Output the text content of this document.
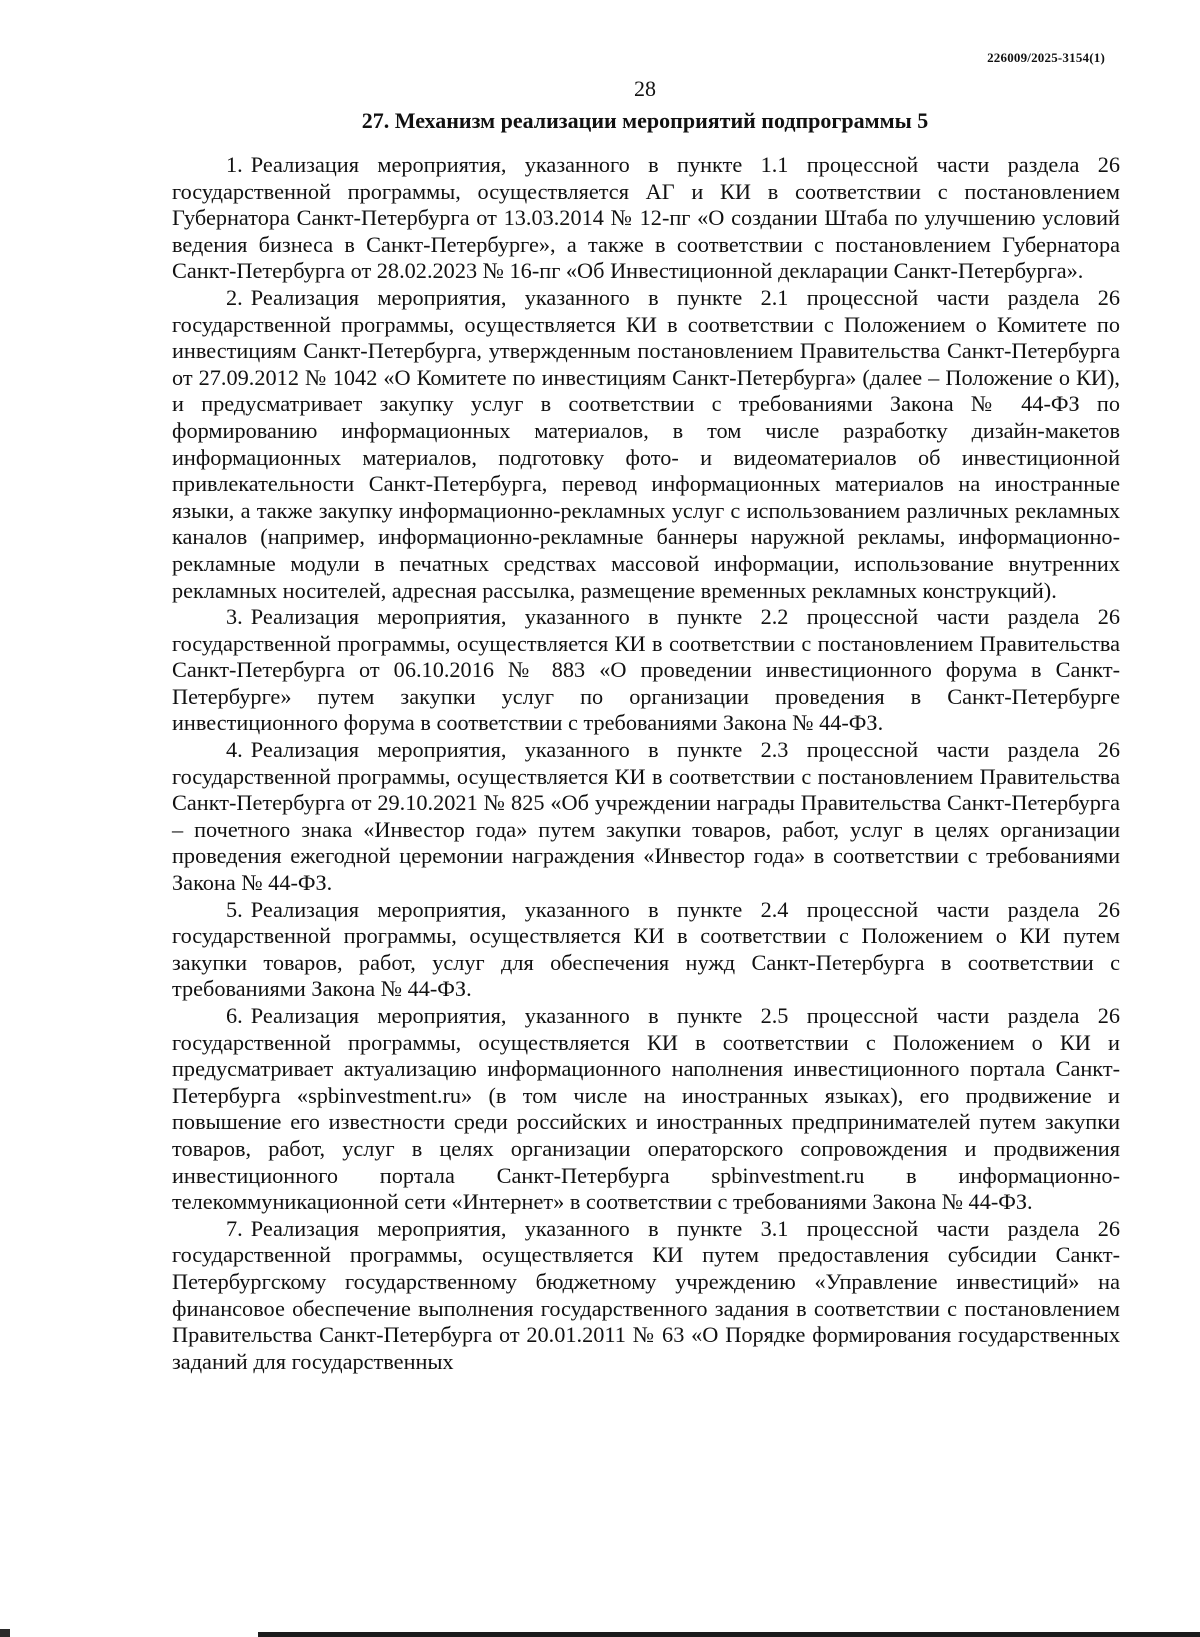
226009/2025-3154(1)
28
27. Механизм реализации мероприятий подпрограммы 5

1. Реализация мероприятия, указанного в пункте 1.1 процессной части раздела 26 государственной программы, осуществляется АГ и КИ в соответствии с постановлением Губернатора Санкт-Петербурга от 13.03.2014 № 12-пг «О создании Штаба по улучшению условий ведения бизнеса в Санкт-Петербурге», а также в соответствии с постановлением Губернатора Санкт-Петербурга от 28.02.2023 № 16-пг «Об Инвестиционной декларации Санкт-Петербурга».

2. Реализация мероприятия, указанного в пункте 2.1 процессной части раздела 26 государственной программы, осуществляется КИ в соответствии с Положением о Комитете по инвестициям Санкт-Петербурга, утвержденным постановлением Правительства Санкт-Петербурга от 27.09.2012 № 1042 «О Комитете по инвестициям Санкт-Петербурга» (далее – Положение о КИ), и предусматривает закупку услуг в соответствии с требованиями Закона № 44-ФЗ по формированию информационных материалов, в том числе разработку дизайн-макетов информационных материалов, подготовку фото- и видеоматериалов об инвестиционной привлекательности Санкт-Петербурга, перевод информационных материалов на иностранные языки, а также закупку информационно-рекламных услуг с использованием различных рекламных каналов (например, информационно-рекламные баннеры наружной рекламы, информационно-рекламные модули в печатных средствах массовой информации, использование внутренних рекламных носителей, адресная рассылка, размещение временных рекламных конструкций).

3. Реализация мероприятия, указанного в пункте 2.2 процессной части раздела 26 государственной программы, осуществляется КИ в соответствии с постановлением Правительства Санкт-Петербурга от 06.10.2016 № 883 «О проведении инвестиционного форума в Санкт-Петербурге» путем закупки услуг по организации проведения в Санкт-Петербурге инвестиционного форума в соответствии с требованиями Закона № 44-ФЗ.

4. Реализация мероприятия, указанного в пункте 2.3 процессной части раздела 26 государственной программы, осуществляется КИ в соответствии с постановлением Правительства Санкт-Петербурга от 29.10.2021 № 825 «Об учреждении награды Правительства Санкт-Петербурга – почетного знака «Инвестор года» путем закупки товаров, работ, услуг в целях организации проведения ежегодной церемонии награждения «Инвестор года» в соответствии с требованиями Закона № 44-ФЗ.

5. Реализация мероприятия, указанного в пункте 2.4 процессной части раздела 26 государственной программы, осуществляется КИ в соответствии с Положением о КИ путем закупки товаров, работ, услуг для обеспечения нужд Санкт-Петербурга в соответствии с требованиями Закона № 44-ФЗ.

6. Реализация мероприятия, указанного в пункте 2.5 процессной части раздела 26 государственной программы, осуществляется КИ в соответствии с Положением о КИ и предусматривает актуализацию информационного наполнения инвестиционного портала Санкт-Петербурга «spbinvestment.ru» (в том числе на иностранных языках), его продвижение и повышение его известности среди российских и иностранных предпринимателей путем закупки товаров, работ, услуг в целях организации операторского сопровождения и продвижения инвестиционного портала Санкт-Петербурга spbinvestment.ru в информационно-телекоммуникационной сети «Интернет» в соответствии с требованиями Закона № 44-ФЗ.

7. Реализация мероприятия, указанного в пункте 3.1 процессной части раздела 26 государственной программы, осуществляется КИ путем предоставления субсидии Санкт-Петербургскому государственному бюджетному учреждению «Управление инвестиций» на финансовое обеспечение выполнения государственного задания в соответствии с постановлением Правительства Санкт-Петербурга от 20.01.2011 № 63 «О Порядке формирования государственных заданий для государственных
